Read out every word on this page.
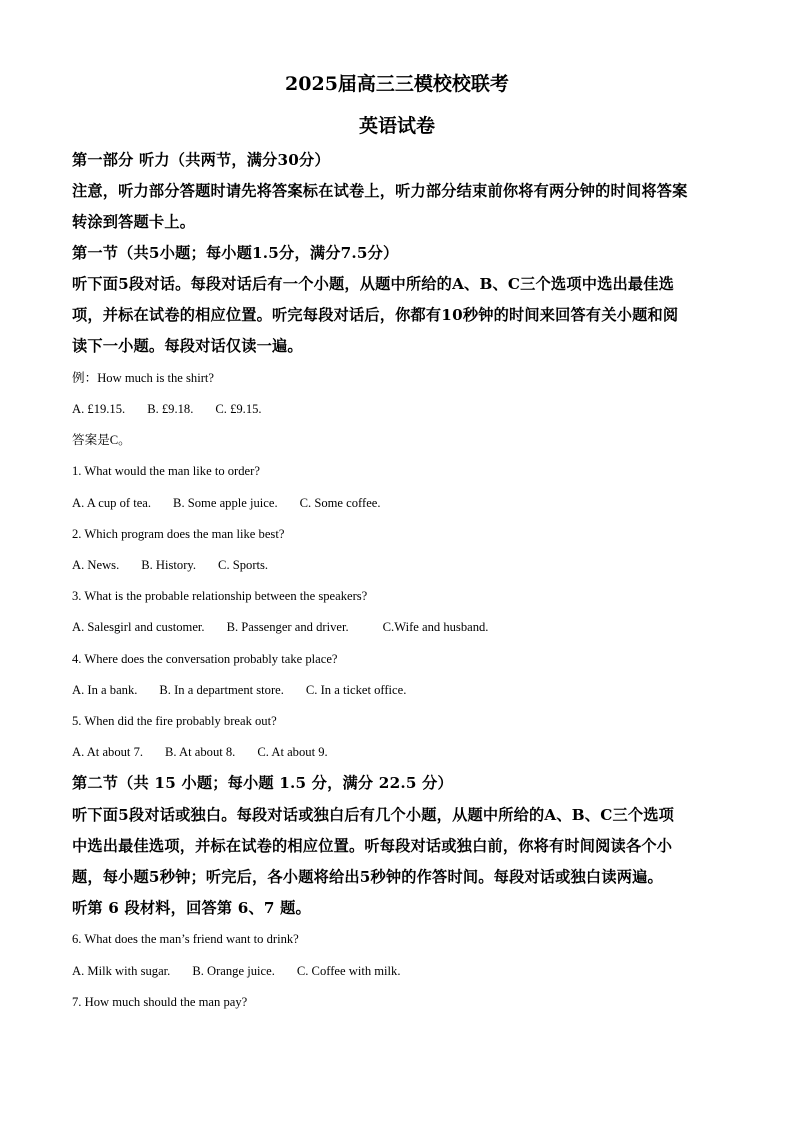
2025届高三三模校校联考
英语试卷
第一部分 听力（共两节，满分30分）
注意，听力部分答题时请先将答案标在试卷上，听力部分结束前你将有两分钟的时间将答案
转涂到答题卡上。
第一节（共5小题；每小题1.5分，满分7.5分）
听下面5段对话。每段对话后有一个小题，从题中所给的A、B、C三个选项中选出最佳选
项，并标在试卷的相应位置。听完每段对话后，你都有10秒钟的时间来回答有关小题和阅
读下一小题。每段对话仅读一遍。
例：How much is the shirt?
A. £19.15. B. £9.18. C. £9.15.
答案是C。
1. What would the man like to order?
A. A cup of tea. B. Some apple juice. C. Some coffee.
2. Which program does the man like best?
A. News. B. History. C. Sports.
3. What is the probable relationship between the speakers?
A. Salesgirl and customer. B. Passenger and driver.	C.Wife and husband.
4. Where does the conversation probably take place?
A. In a bank. B. In a department store. C. In a ticket office.
5. When did the fire probably break out?
A. At about 7. B. At about 8. C. At about 9.
第二节（共 15 小题；每小题 1.5 分，满分 22.5 分）
听下面5段对话或独白。每段对话或独白后有几个小题，从题中所给的A、B、C三个选项
中选出最佳选项，并标在试卷的相应位置。听每段对话或独白前，你将有时间阅读各个小
题，每小题5秒钟；听完后，各小题将给出5秒钟的作答时间。每段对话或独白读两遍。
听第 6 段材料，回答第 6、7 题。
6. What does the man’s friend want to drink?
A. Milk with sugar. B. Orange juice. C. Coffee with milk.
7. How much should the man pay?
